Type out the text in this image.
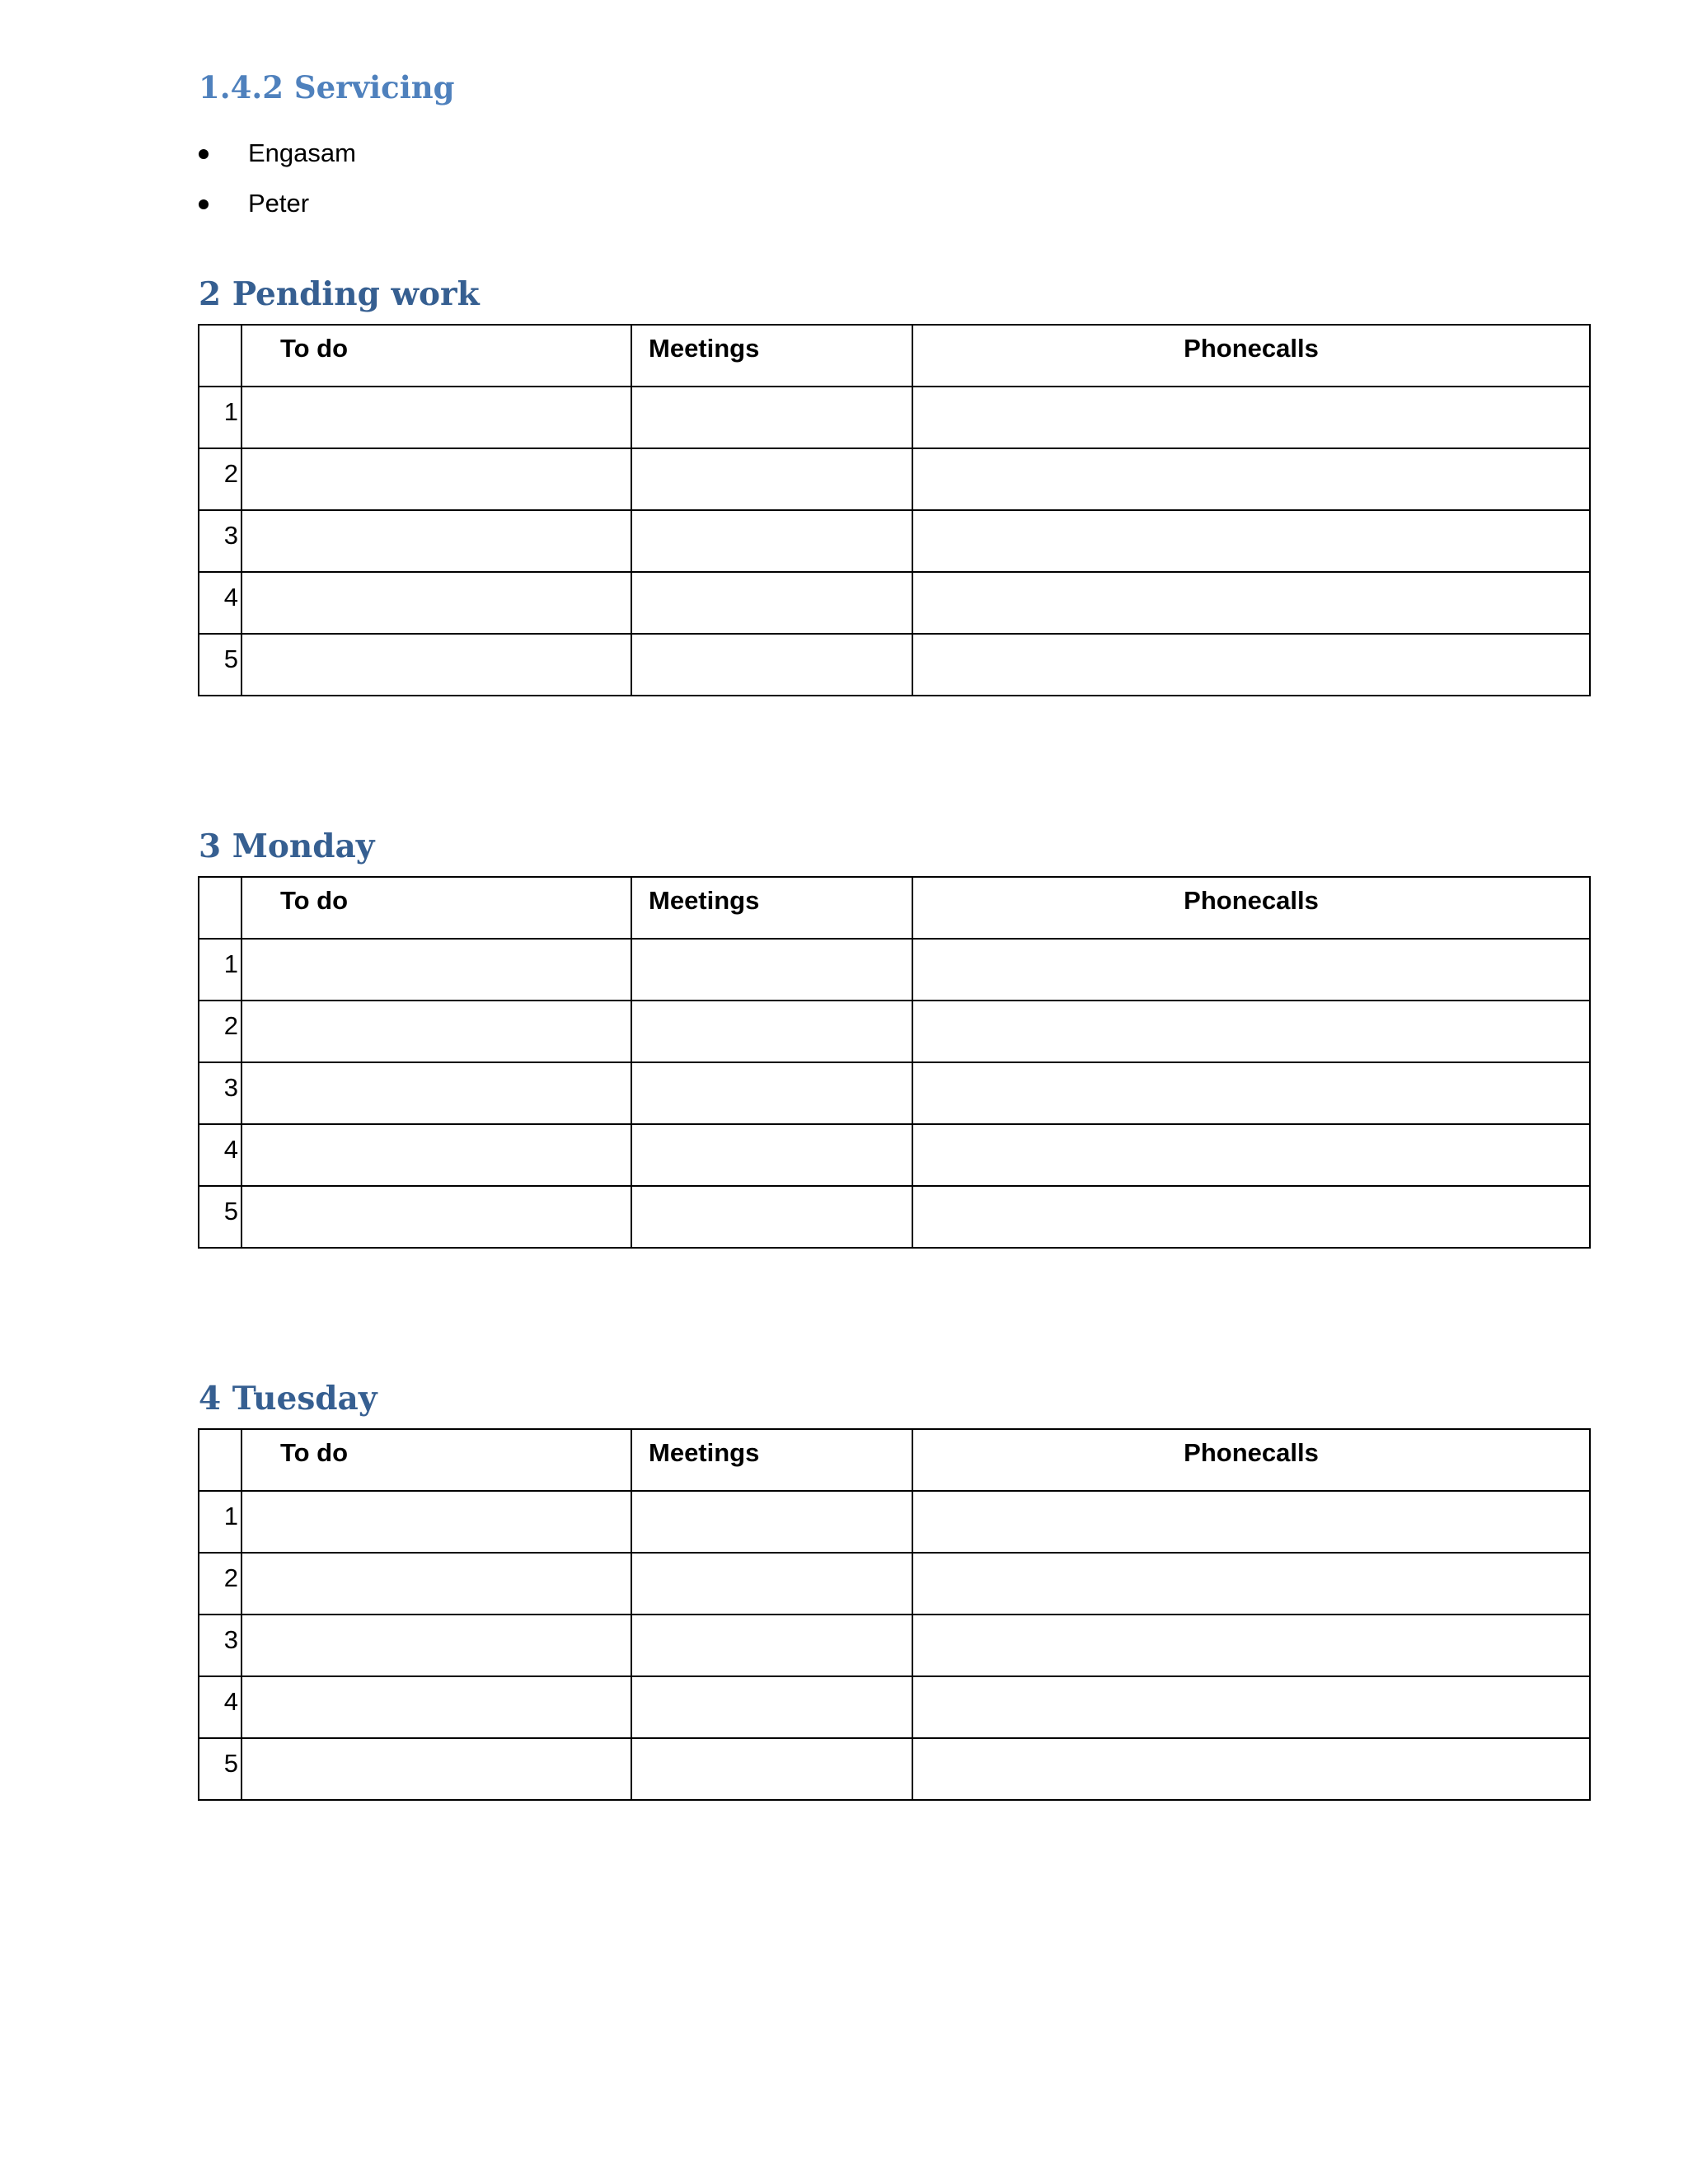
1.4.2 Servicing
Engasam
Peter
2 Pending work
	To do	Meetings	Phonecalls
1			
2			
3			
4			
5			
3 Monday
	To do	Meetings	Phonecalls
1			
2			
3			
4			
5			
4 Tuesday
	To do	Meetings	Phonecalls
1			
2			
3			
4			
5			
